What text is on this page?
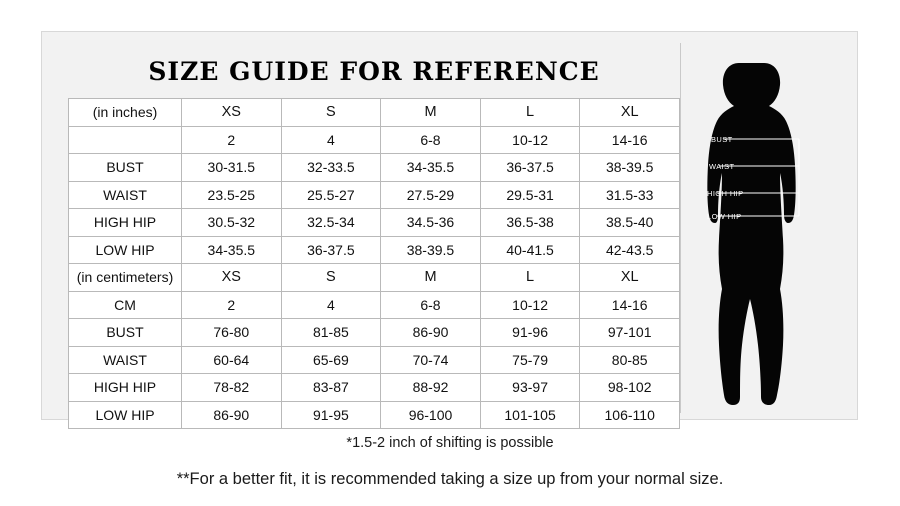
SIZE GUIDE FOR REFERENCE
(in inches)	XS	S	M	L	XL
	2	4	6-8	10-12	14-16
BUST	30-31.5	32-33.5	34-35.5	36-37.5	38-39.5
WAIST	23.5-25	25.5-27	27.5-29	29.5-31	31.5-33
HIGH HIP	30.5-32	32.5-34	34.5-36	36.5-38	38.5-40
LOW HIP	34-35.5	36-37.5	38-39.5	40-41.5	42-43.5
(in centimeters)	XS	S	M	L	XL
CM	2	4	6-8	10-12	14-16
BUST	76-80	81-85	86-90	91-96	97-101
WAIST	60-64	65-69	70-74	75-79	80-85
HIGH HIP	78-82	83-87	88-92	93-97	98-102
LOW HIP	86-90	91-95	96-100	101-105	106-110
BUST
WAIST
HIGH HIP
LOW HIP
*1.5-2 inch of shifting is possible
**For a better fit, it is recommended taking a size up from your normal size.
